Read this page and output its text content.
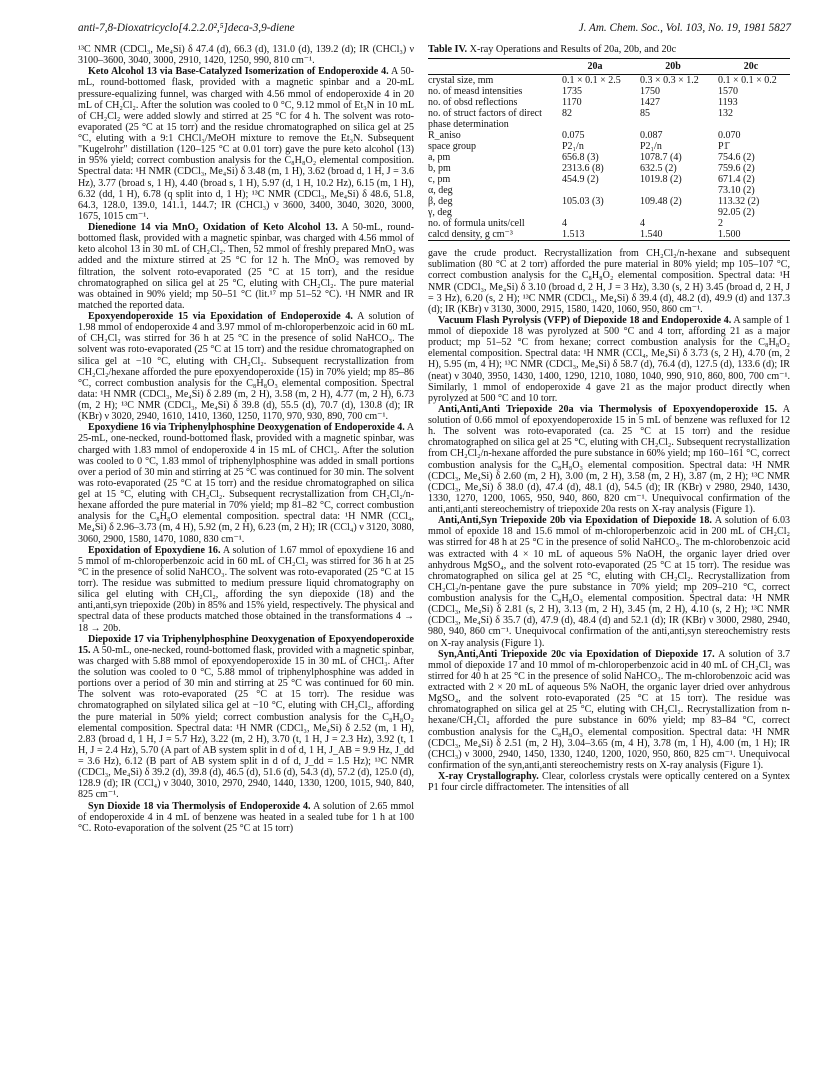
anti-7,8-Dioxatricyclo[4.2.2.0²,⁵]deca-3,9-diene	J. Am. Chem. Soc., Vol. 103, No. 19, 1981 5827

¹³C NMR (CDCl₃, Me₄Si) δ 47.4 (d), 66.3 (d), 131.0 (d), 139.2 (d); IR (CHCl₃) ν 3100–3600, 3040, 3000, 2910, 1420, 1250, 990, 810 cm⁻¹.

Keto Alcohol 13 via Base-Catalyzed Isomerization of Endoperoxide 4. A 50-mL, round-bottomed flask, provided with a magnetic spinbar and a 20-mL pressure-equalizing funnel, was charged with 4.56 mmol of endoperoxide 4 in 20 mL of CH₂Cl₂. After the solution was cooled to 0 °C, 9.12 mmol of Et₃N in 10 mL of CH₂Cl₂ were added slowly and stirred at 25 °C for 4 h. The solvent was roto-evaporated (25 °C at 15 torr) and the residue chromatographed on silica gel at 25 °C, eluting with a 9:1 CHCl₃/MeOH mixture to remove the Et₃N. Subsequent "Kugelrohr" distillation (120–125 °C at 0.01 torr) gave the pure keto alcohol (13) in 95% yield; correct combustion analysis for the C₈H₈O₂ elemental composition. Spectral data: ¹H NMR (CDCl₃, Me₄Si) δ 3.48 (m, 1 H), 3.62 (broad d, 1 H, J = 3.6 Hz), 3.77 (broad s, 1 H), 4.40 (broad s, 1 H), 5.97 (d, 1 H, 10.2 Hz), 6.15 (m, 1 H), 6.32 (dd, 1 H), 6.78 (q split into d, 1 H); ¹³C NMR (CDCl₃, Me₄Si) δ 48.6, 51.8, 64.3, 128.0, 139.0, 141.1, 144.7; IR (CHCl₃) ν 3600, 3400, 3040, 3020, 3000, 1675, 1015 cm⁻¹.

Dienedione 14 via MnO₂ Oxidation of Keto Alcohol 13. A 50-mL, round-bottomed flask, provided with a magnetic spinbar, was charged with 4.56 mmol of keto alcohol 13 in 30 mL of CH₂Cl₂. Then, 52 mmol of freshly prepared MnO₂ was added and the mixture stirred at 25 °C for 12 h. The MnO₂ was removed by filtration, the solvent roto-evaporated (25 °C at 15 torr), and the residue chromatographed on silica gel at 25 °C, eluting with CH₂Cl₂. The pure material was obtained in 90% yield; mp 50–51 °C (lit.¹⁷ mp 51–52 °C). ¹H NMR and IR matched the reported data.

Epoxyendoperoxide 15 via Epoxidation of Endoperoxide 4. A solution of 1.98 mmol of endoperoxide 4 and 3.97 mmol of m-chloroperbenzoic acid in 60 mL of CH₂Cl₂ was stirred for 36 h at 25 °C in the presence of solid NaHCO₃. The solvent was roto-evaporated (25 °C at 15 torr) and the residue chromatographed on silica gel at −10 °C, eluting with CH₂Cl₂. Subsequent recrystallization from CH₂Cl₂/hexane afforded the pure epoxyendoperoxide (15) in 70% yield; mp 85–86 °C, correct combustion analysis for the C₈H₈O₃ elemental composition. Spectral data: ¹H NMR (CDCl₃, Me₄Si) δ 2.89 (m, 2 H), 3.58 (m, 2 H), 4.77 (m, 2 H), 6.73 (m, 2 H); ¹³C NMR (CDCl₃, Me₄Si) δ 39.8 (d), 55.5 (d), 70.7 (d), 130.8 (d); IR (KBr) ν 3020, 2940, 1610, 1410, 1360, 1250, 1170, 970, 930, 890, 700 cm⁻¹.

Epoxydiene 16 via Triphenylphosphine Deoxygenation of Endoperoxide 4. A 25-mL, one-necked, round-bottomed flask, provided with a magnetic spinbar, was charged with 1.83 mmol of endoperoxide 4 in 15 mL of CHCl₃. After the solution was cooled to 0 °C, 1.83 mmol of triphenylphosphine was added in small portions over a period of 30 min and stirring at 25 °C was continued for 30 min. The solvent was roto-evaporated (25 °C at 15 torr) and the residue chromatographed on silica gel at 15 °C, eluting with CH₂Cl₂. Subsequent recrystallization from CH₂Cl₂/n-hexane afforded the pure material in 70% yield; mp 81–82 °C, correct combustion analysis for the C₈H₈O elemental composition. spectral data: ¹H NMR (CCl₄, Me₄Si) δ 2.96–3.73 (m, 4 H), 5.92 (m, 2 H), 6.23 (m, 2 H); IR (CCl₄) ν 3120, 3080, 3060, 2900, 1580, 1470, 1080, 830 cm⁻¹.

Epoxidation of Epoxydiene 16. A solution of 1.67 mmol of epoxydiene 16 and 5 mmol of m-chloroperbenzoic acid in 60 mL of CH₂Cl₂ was stirred for 36 h at 25 °C in the presence of solid NaHCO₃. The solvent was roto-evaporated (25 °C at 15 torr). The residue was submitted to medium pressure liquid chromatography on silica gel eluting with CH₂Cl₂, affording the syn diepoxide (18) and the anti,anti,syn triepoxide (20b) in 85% and 15% yield, respectively. The physical and spectral data of these products matched those obtained in the transformations 4 → 18 → 20b.

Diepoxide 17 via Triphenylphosphine Deoxygenation of Epoxyendoperoxide 15. A 50-mL, one-necked, round-bottomed flask, provided with a magnetic spinbar, was charged with 5.88 mmol of epoxyendoperoxide 15 in 30 mL of CHCl₃. After the solution was cooled to 0 °C, 5.88 mmol of triphenylphosphine was added in portions over a period of 30 min and stirring at 25 °C was continued for 60 min. The solvent was roto-evaporated (25 °C at 15 torr). The residue was chromatographed on silylated silica gel at −10 °C, eluting with CH₂Cl₂, affording the pure material in 50% yield; correct combustion analysis for the C₈H₈O₂ elemental composition. Spectral data: ¹H NMR (CDCl₃, Me₄Si) δ 2.52 (m, 1 H), 2.83 (broad d, 1 H, J = 5.7 Hz), 3.22 (m, 2 H), 3.70 (t, 1 H, J = 2.3 Hz), 3.92 (t, 1 H, J = 2.4 Hz), 5.70 (A part of AB system split in d of d, 1 H, J_AB = 9.9 Hz, J_dd = 3.6 Hz), 6.12 (B part of AB system split in d of d, J_dd = 1.5 Hz); ¹³C NMR (CDCl₃, Me₄Si) δ 39.2 (d), 39.8 (d), 46.5 (d), 51.6 (d), 54.3 (d), 57.2 (d), 125.0 (d), 128.9 (d); IR (CCl₄) ν 3040, 3010, 2970, 2940, 1440, 1330, 1200, 1015, 940, 840, 825 cm⁻¹.

Syn Dioxide 18 via Thermolysis of Endoperoxide 4. A solution of 2.65 mmol of endoperoxide 4 in 4 mL of benzene was heated in a sealed tube for 1 h at 100 °C. Roto-evaporation of the solvent (25 °C at 15 torr)

Table IV. X-ray Operations and Results of 20a, 20b, and 20c
	20a	20b	20c
crystal size, mm	0.1 × 0.1 × 2.5	0.3 × 0.3 × 1.2	0.1 × 0.1 × 0.2
no. of measd intensities	1735	1750	1570
no. of obsd reflections	1170	1427	1193
no. of struct factors of direct phase determination	82	85	132
R_aniso	0.075	0.087	0.070
space group	P2₁/n	P2₁/n	P1̄
a, pm	656.8 (3)	1078.7 (4)	754.6 (2)
b, pm	2313.6 (8)	632.5 (2)	759.6 (2)
c, pm	454.9 (2)	1019.8 (2)	671.4 (2)
α, deg			73.10 (2)
β, deg	105.03 (3)	109.48 (2)	113.32 (2)
γ, deg			92.05 (2)
no. of formula units/cell	4	4	2
calcd density, g cm⁻³	1.513	1.540	1.500

gave the crude product. Recrystallization from CH₂Cl₂/n-hexane and subsequent sublimation (80 °C at 2 torr) afforded the pure material in 80% yield; mp 105–107 °C, correct combustion analysis for the C₈H₈O₂ elemental composition. Spectral data: ¹H NMR (CDCl₃, Me₄Si) δ 3.10 (broad d, 2 H, J = 3 Hz), 3.30 (s, 2 H) 3.45 (broad d, 2 H, J = 3 Hz), 6.20 (s, 2 H); ¹³C NMR (CDCl₃, Me₄Si) δ 39.4 (d), 48.2 (d), 49.9 (d) and 137.3 (d); IR (KBr) ν 3130, 3000, 2915, 1580, 1420, 1060, 950, 860 cm⁻¹.

Vacuum Flash Pyrolysis (VFP) of Diepoxide 18 and Endoperoxide 4. A sample of 1 mmol of diepoxide 18 was pyrolyzed at 500 °C and 4 torr, affording 21 as a major product; mp 51–52 °C from hexane; correct combustion analysis for the C₈H₈O₂ elemental composition. Spectral data: ¹H NMR (CCl₄, Me₄Si) δ 3.73 (s, 2 H), 4.70 (m, 2 H), 5.95 (m, 4 H); ¹³C NMR (CDCl₃, Me₄Si) δ 58.7 (d), 76.4 (d), 127.5 (d), 133.6 (d); IR (neat) ν 3040, 3950, 1430, 1400, 1290, 1210, 1080, 1040, 990, 910, 860, 800, 700 cm⁻¹. Similarly, 1 mmol of endoperoxide 4 gave 21 as the major product directly when pyrolyzed at 500 °C and 10 torr.

Anti,Anti,Anti Triepoxide 20a via Thermolysis of Epoxyendoperoxide 15. A solution of 0.66 mmol of epoxyendoperoxide 15 in 5 mL of benzene was refluxed for 12 h. The solvent was roto-evaporated (ca. 25 °C at 15 torr) and the residue chromatographed on silica gel at 25 °C, eluting with CH₂Cl₂. Subsequent recrystallization from CH₂Cl₂/n-hexane afforded the pure substance in 60% yield; mp 160–161 °C, correct combustion analysis for the C₈H₈O₃ elemental composition. Spectral data: ¹H NMR (CDCl₃, Me₄Si) δ 2.60 (m, 2 H), 3.00 (m, 2 H), 3.58 (m, 2 H), 3.87 (m, 2 H); ¹³C NMR (CDCl₃, Me₄Si) δ 38.0 (d), 47.4 (d), 48.1 (d), 54.5 (d); IR (KBr) ν 2980, 2940, 1430, 1330, 1270, 1200, 1065, 950, 940, 860, 820 cm⁻¹. Unequivocal confirmation of the anti,anti,anti stereochemistry of triepoxide 20a rests on X-ray analysis (Figure 1).

Anti,Anti,Syn Triepoxide 20b via Epoxidation of Diepoxide 18. A solution of 6.03 mmol of epoxide 18 and 15.6 mmol of m-chloroperbenzoic acid in 200 mL of CH₂Cl₂ was stirred for 48 h at 25 °C in the presence of solid NaHCO₃. The m-chlorobenzoic acid was extracted with 4 × 10 mL of aqueous 5% NaOH, the organic layer dried over anhydrous MgSO₄, and the solvent roto-evaporated (25 °C at 15 torr). The residue was chromatographed on silica gel at 25 °C, eluting with CH₂Cl₂. Recrystallization from CH₂Cl₂/n-pentane gave the pure substance in 70% yield; mp 209–210 °C, correct combustion analysis for the C₈H₈O₃ elemental composition. Spectral data: ¹H NMR (CDCl₃, Me₄Si) δ 2.81 (s, 2 H), 3.13 (m, 2 H), 3.45 (m, 2 H), 4.10 (s, 2 H); ¹³C NMR (CDCl₃, Me₄Si) δ 35.7 (d), 47.9 (d), 48.4 (d) and 52.1 (d); IR (KBr) ν 3000, 2980, 2940, 980, 940, 860 cm⁻¹. Unequivocal confirmation of the anti,anti,syn stereochemistry rests on X-ray analysis (Figure 1).

Syn,Anti,Anti Triepoxide 20c via Epoxidation of Diepoxide 17. A solution of 3.7 mmol of diepoxide 17 and 10 mmol of m-chloroperbenzoic acid in 40 mL of CH₂Cl₂ was stirred for 40 h at 25 °C in the presence of solid NaHCO₃. The m-chlorobenzoic acid was extracted with 2 × 20 mL of aqueous 5% NaOH, the organic layer dried over anhydrous MgSO₄, and the solvent roto-evaporated (25 °C at 15 torr). The residue was chromatographed on silica gel at 25 °C, eluting with CH₂Cl₂. Recrystallization from n-hexane/CH₂Cl₂ afforded the pure substance in 60% yield; mp 83–84 °C, correct combustion analysis for the C₈H₈O₃ elemental composition. Spectral data: ¹H NMR (CDCl₃, Me₄Si) δ 2.51 (m, 2 H), 3.04–3.65 (m, 4 H), 3.78 (m, 1 H), 4.00 (m, 1 H); IR (CHCl₃) ν 3000, 2940, 1450, 1330, 1240, 1200, 1020, 950, 860, 825 cm⁻¹. Unequivocal confirmation of the syn,anti,anti stereochemistry rests on X-ray analysis (Figure 1).

X-ray Crystallography. Clear, colorless crystals were optically centered on a Syntex P1 four circle diffractometer. The intensities of all
